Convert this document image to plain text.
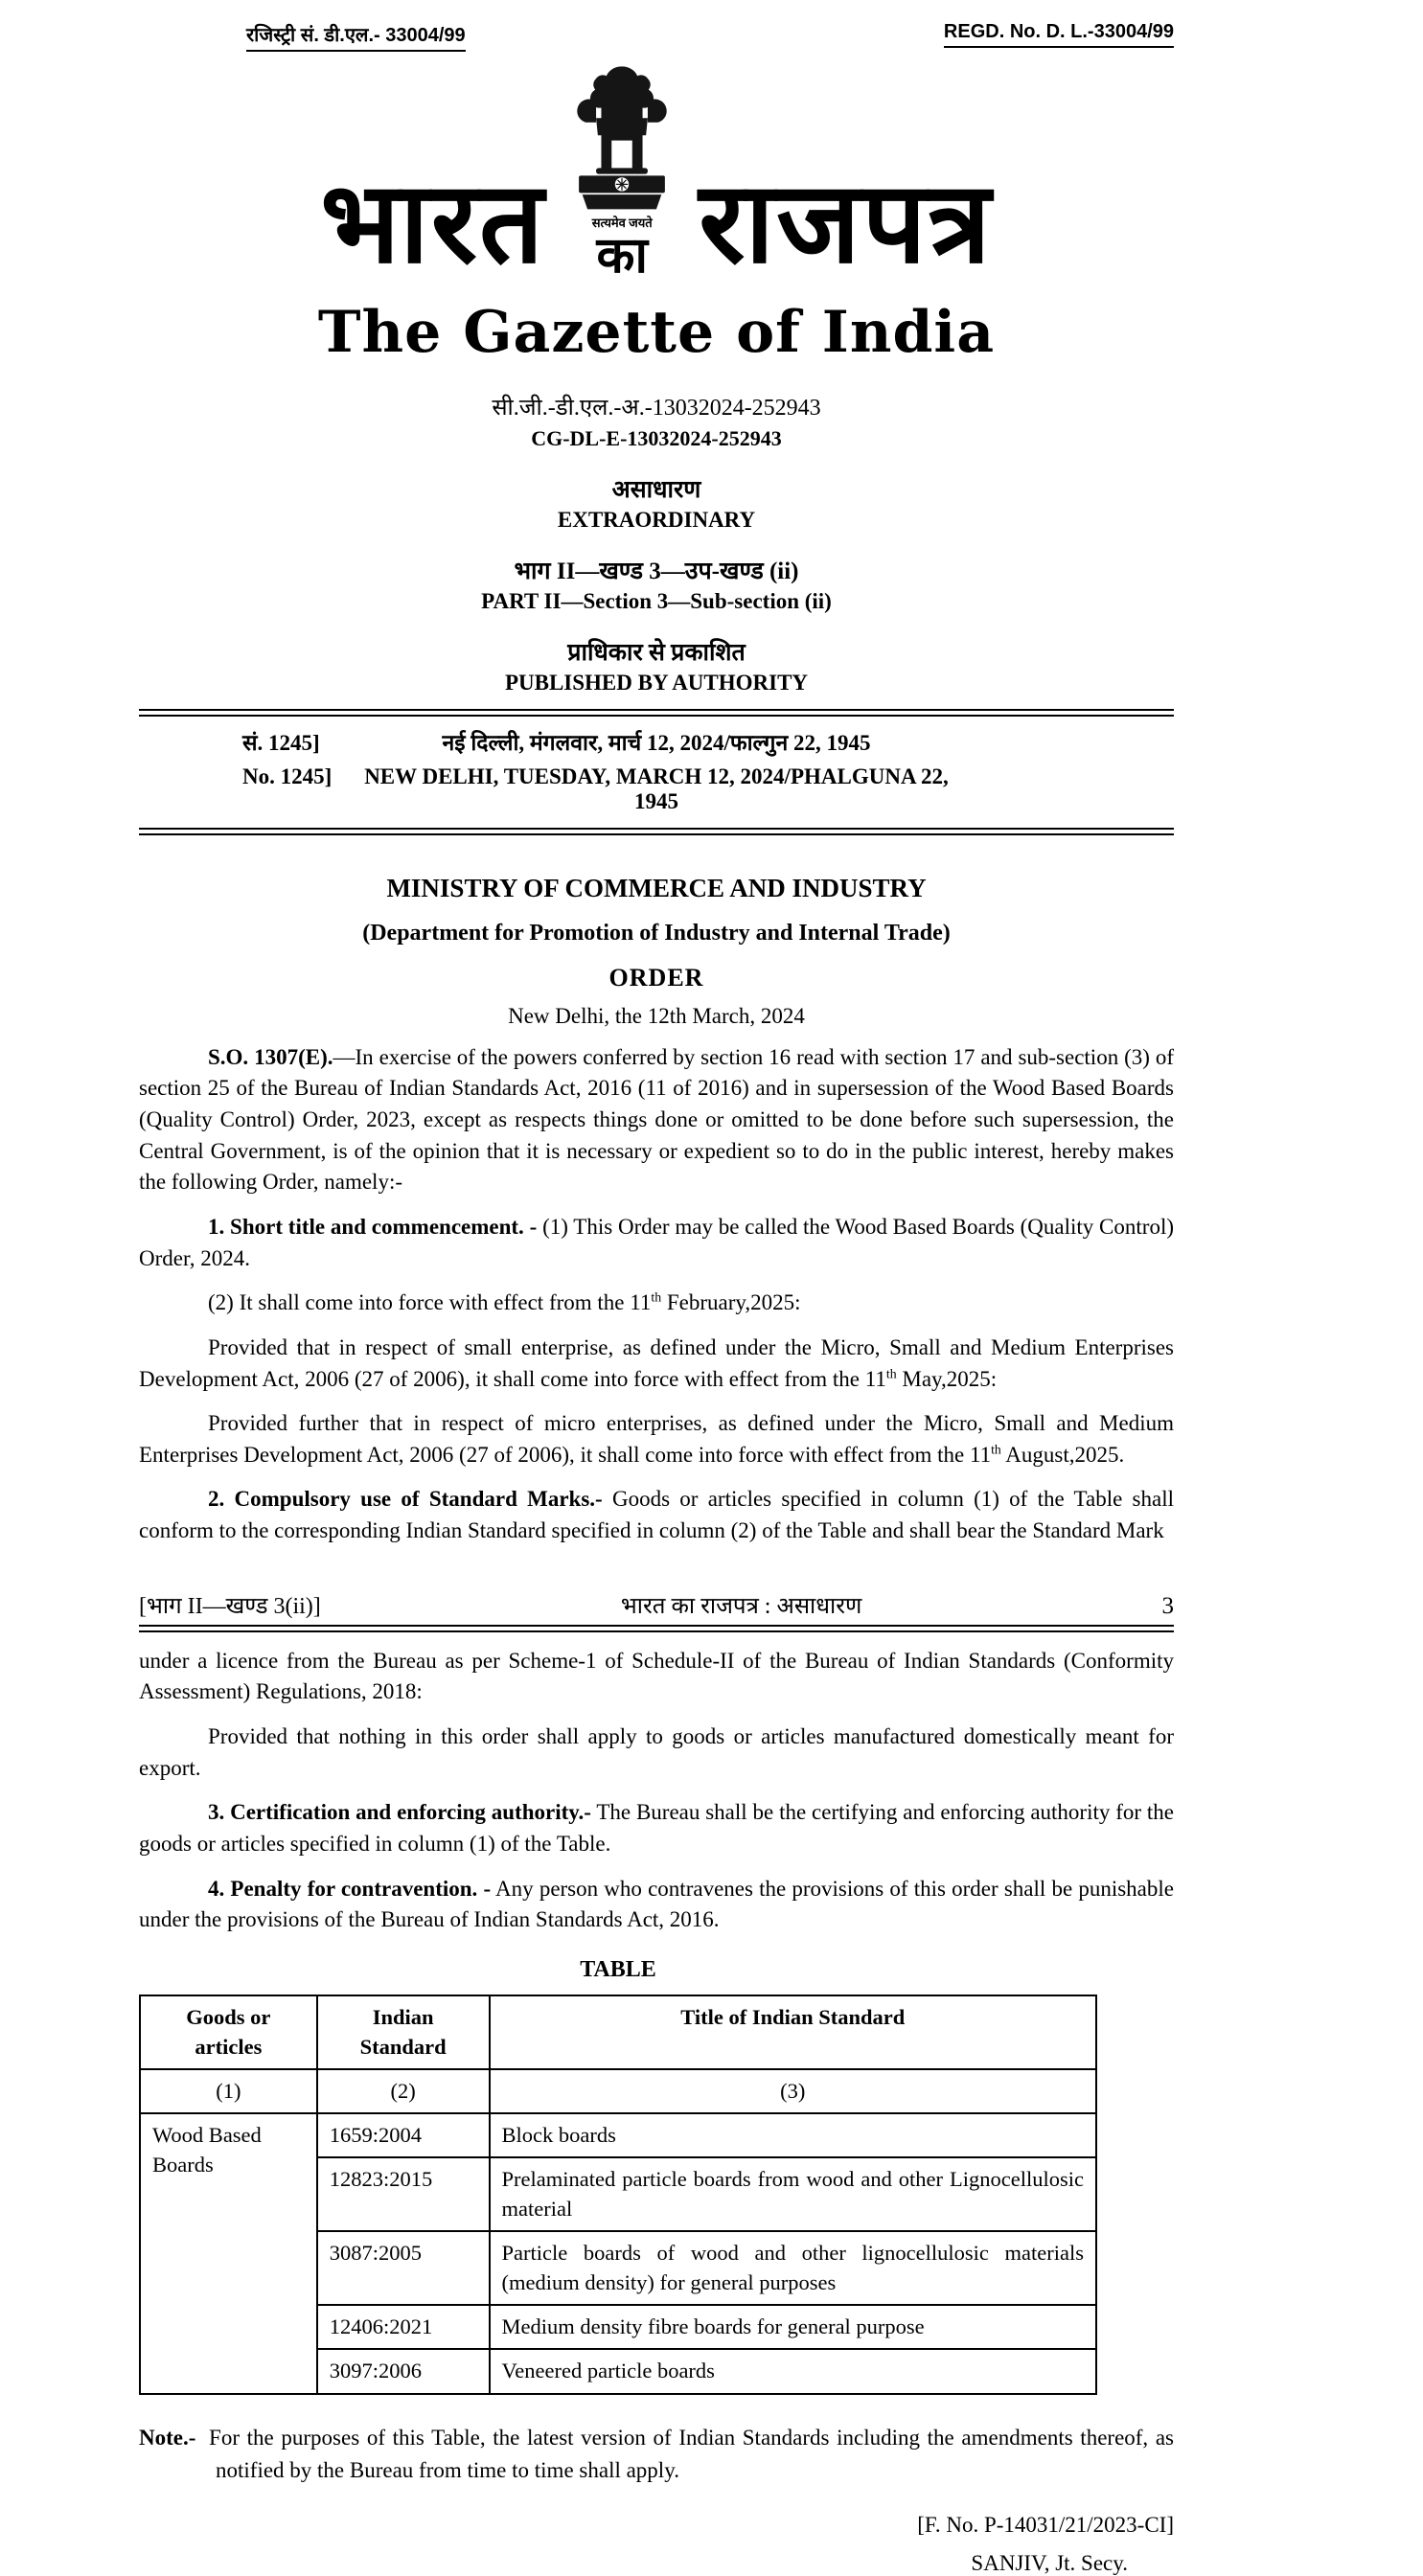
रजिस्ट्री सं. डी.एल.- 33004/99	REGD. No. D. L.-33004/99
भारत	सत्यमेव जयते
का राजपत्र
The Gazette of India
सी.जी.-डी.एल.-अ.-13032024-252943
CG-DL-E-13032024-252943
असाधारण
EXTRAORDINARY
भाग II—खण्ड 3—उप-खण्ड (ii)
PART II—Section 3—Sub-section (ii)
प्राधिकार से प्रकाशित
PUBLISHED BY AUTHORITY
सं. 1245]	नई दिल्ली, मंगलवार, मार्च 12, 2024/फाल्गुन 22, 1945
No. 1245]	NEW DELHI, TUESDAY, MARCH 12, 2024/PHALGUNA 22, 1945
MINISTRY OF COMMERCE AND INDUSTRY
(Department for Promotion of Industry and Internal Trade)
ORDER
New Delhi, the 12th March, 2024

S.O. 1307(E).—In exercise of the powers conferred by section 16 read with section 17 and sub-section (3) of section 25 of the Bureau of Indian Standards Act, 2016 (11 of 2016) and in supersession of the Wood Based Boards (Quality Control) Order, 2023, except as respects things done or omitted to be done before such supersession, the Central Government, is of the opinion that it is necessary or expedient so to do in the public interest, hereby makes the following Order, namely:-

1. Short title and commencement. - (1) This Order may be called the Wood Based Boards (Quality Control) Order, 2024.

(2) It shall come into force with effect from the 11th February,2025:

Provided that in respect of small enterprise, as defined under the Micro, Small and Medium Enterprises Development Act, 2006 (27 of 2006), it shall come into force with effect from the 11th May,2025:

Provided further that in respect of micro enterprises, as defined under the Micro, Small and Medium Enterprises Development Act, 2006 (27 of 2006), it shall come into force with effect from the 11th August,2025.

2. Compulsory use of Standard Marks.- Goods or articles specified in column (1) of the Table shall conform to the corresponding Indian Standard specified in column (2) of the Table and shall bear the Standard Mark

[भाग II—खण्ड 3(ii)]	भारत का राजपत्र : असाधारण	3

under a licence from the Bureau as per Scheme-1 of Schedule-II of the Bureau of Indian Standards (Conformity Assessment) Regulations, 2018:

Provided that nothing in this order shall apply to goods or articles manufactured domestically meant for export.

3. Certification and enforcing authority.- The Bureau shall be the certifying and enforcing authority for the goods or articles specified in column (1) of the Table.

4. Penalty for contravention. - Any person who contravenes the provisions of this order shall be punishable under the provisions of the Bureau of Indian Standards Act, 2016.

TABLE
Goods or articles	Indian Standard	Title of Indian Standard
(1)	(2)	(3)
Wood Based Boards	1659:2004	Block boards
	12823:2015	Prelaminated particle boards from wood and other Lignocellulosic material
	3087:2005	Particle boards of wood and other lignocellulosic materials (medium density) for general purposes
	12406:2021	Medium density fibre boards for general purpose
	3097:2006	Veneered particle boards

Note.- For the purposes of this Table, the latest version of Indian Standards including the amendments thereof, as notified by the Bureau from time to time shall apply.

[F. No. P-14031/21/2023-CI]
SANJIV, Jt. Secy.
